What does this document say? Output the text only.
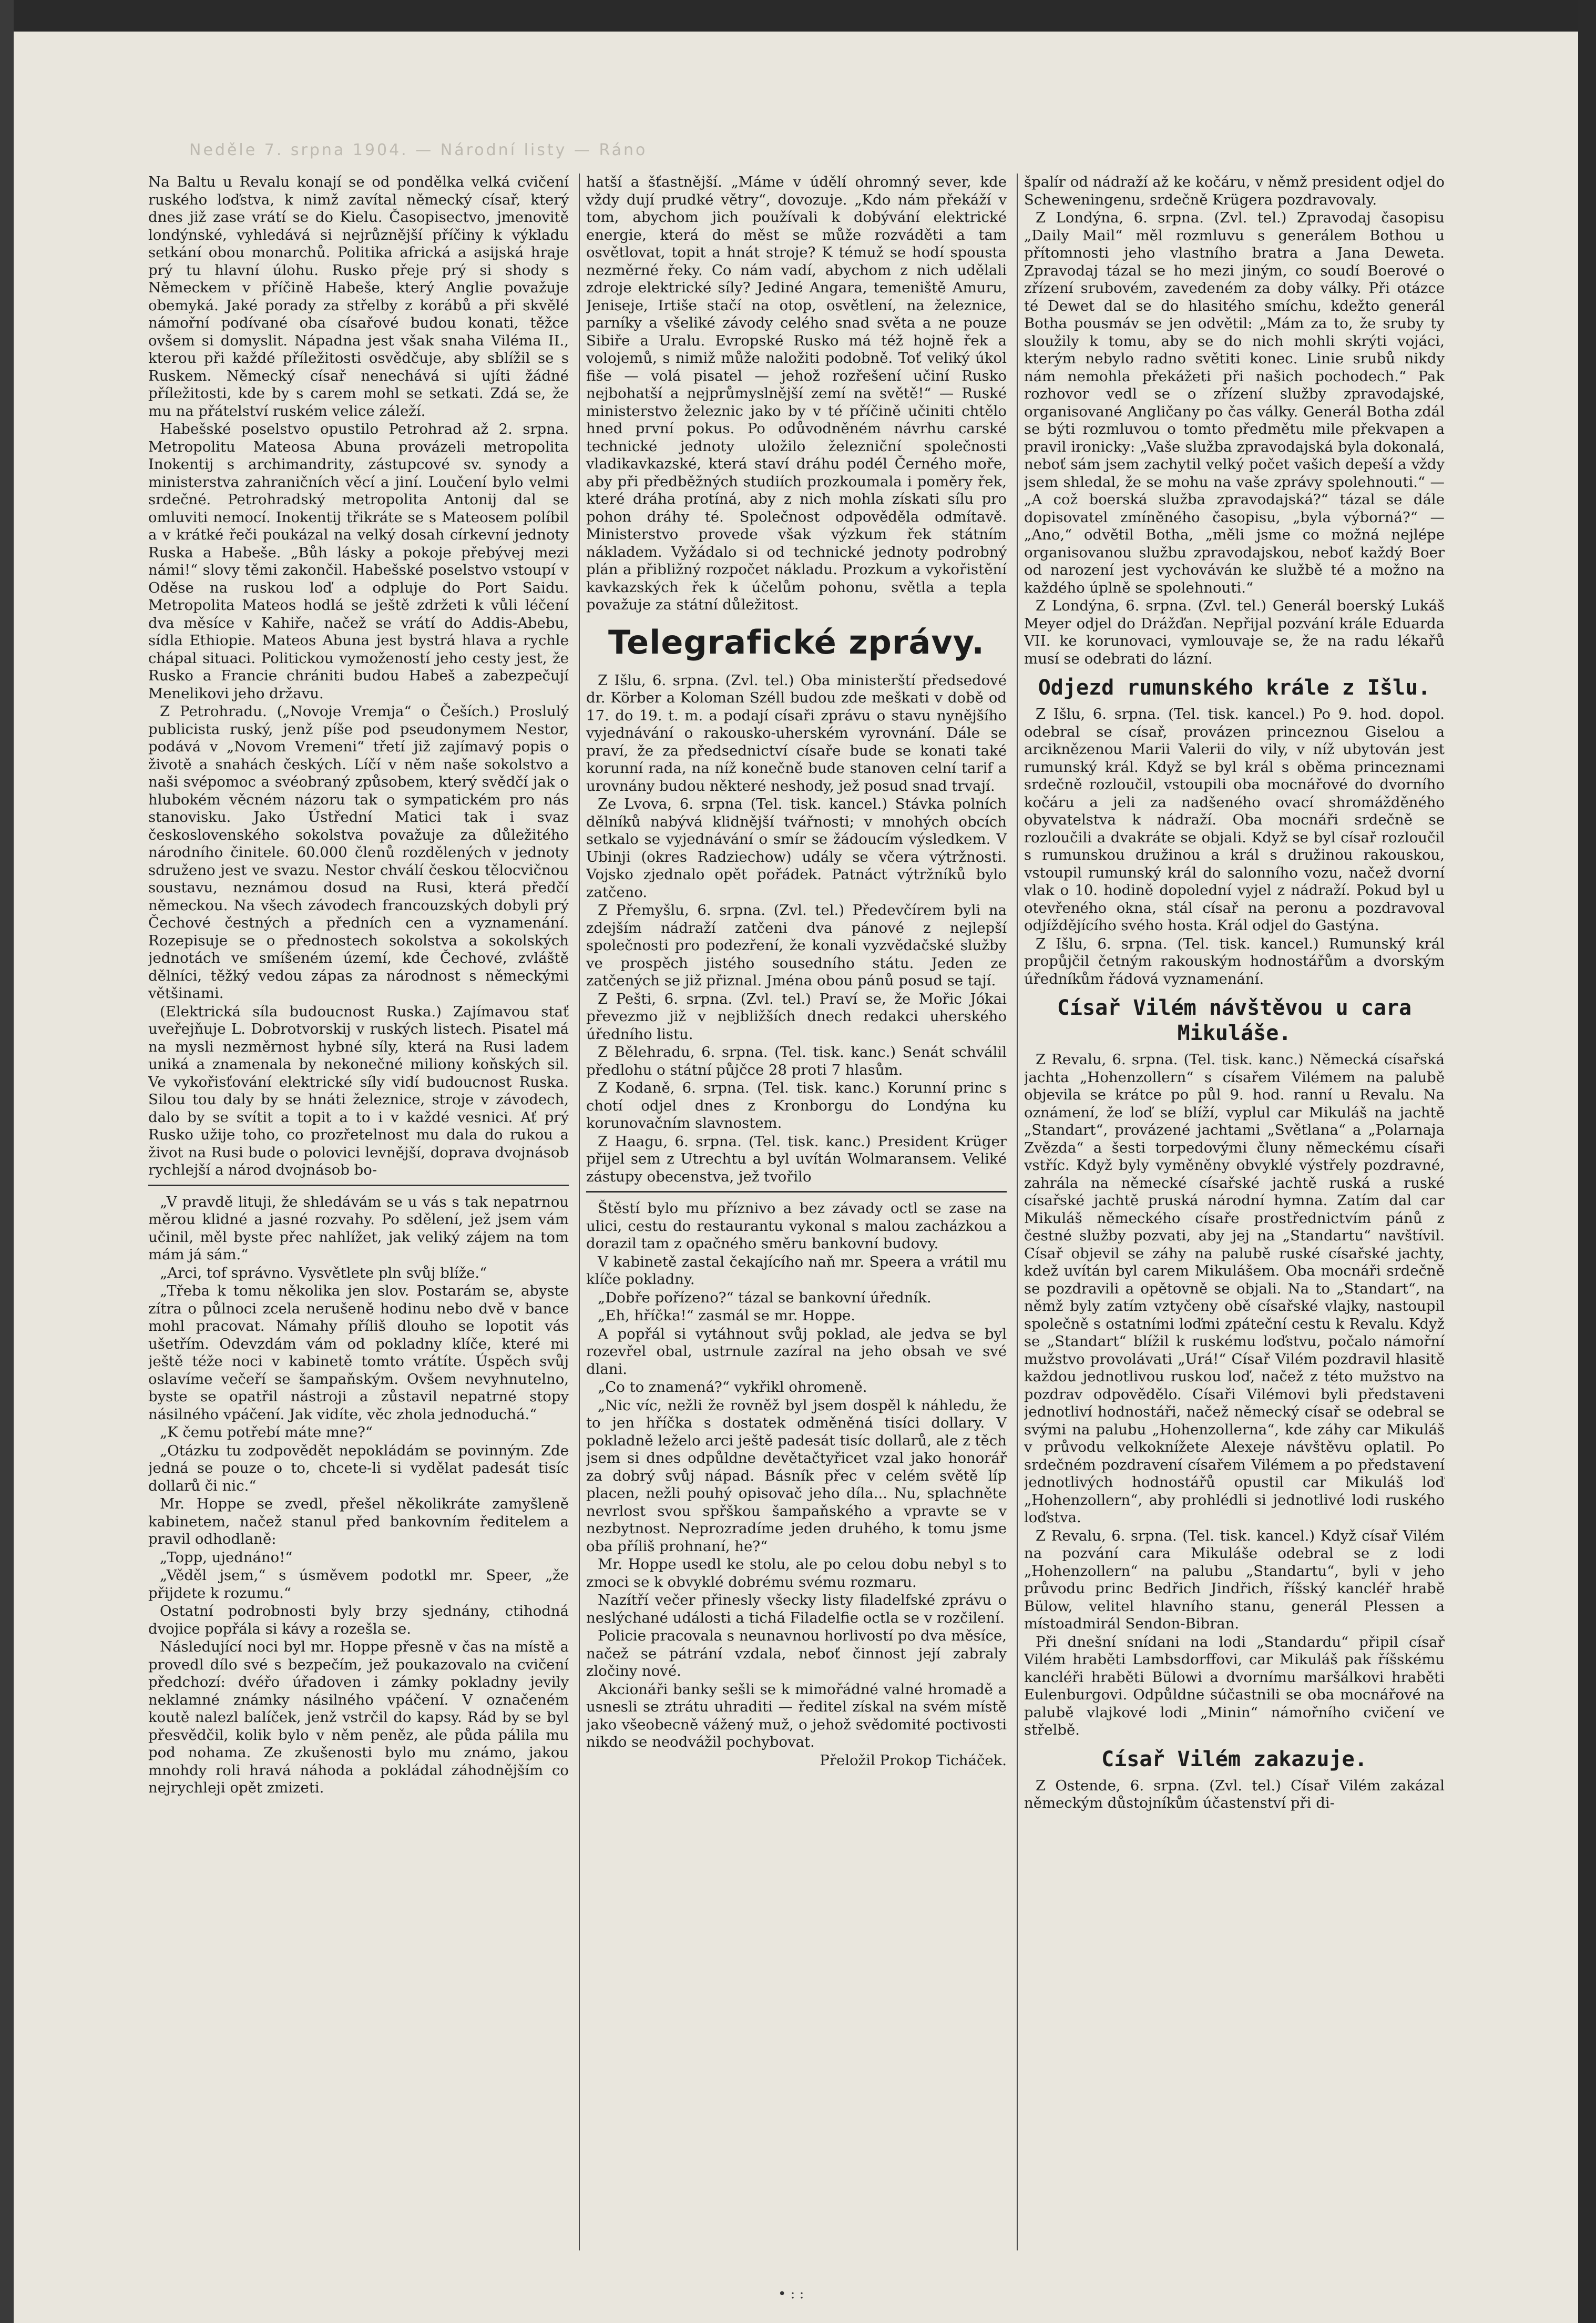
Neděle 7. srpna 1904. — Národní listy — Ráno

Na Baltu u Revalu konají se od pondělka velká cvičení ruského loďstva, k nimž zavítal německý císař, který dnes již zase vrátí se do Kielu. Časopisectvo, jmenovitě londýnské, vyhledává si nejrůznější příčiny k výkladu setkání obou monarchů. Politika africká a asijská hraje prý tu hlavní úlohu. Rusko přeje prý si shody s Německem v příčině Habeše, který Anglie považuje obemyká. Jaké porady za střelby z korábů a při skvělé námořní podívané oba císařové budou konati, těžce ovšem si domyslit. Nápadna jest však snaha Viléma II., kterou při každé příležitosti osvědčuje, aby sblížil se s Ruskem. Německý císař nenechává si ujíti žádné příležitosti, kde by s carem mohl se setkati. Zdá se, že mu na přátelství ruském velice záleží.

Habešské poselstvo opustilo Petrohrad až 2. srpna. Metropolitu Mateosa Abuna provázeli metropolita Inokentij s archimandrity, zástupcové sv. synody a ministerstva zahraničních věcí a jiní. Loučení bylo velmi srdečné. Petrohradský metropolita Antonij dal se omluviti nemocí. Inokentij třikráte se s Mateosem políbil a v krátké řeči poukázal na velký dosah církevní jednoty Ruska a Habeše. „Bůh lásky a pokoje přebývej mezi námi!“ slovy těmi zakončil. Habešské poselstvo vstoupí v Oděse na ruskou loď a odpluje do Port Saidu. Metropolita Mateos hodlá se ještě zdržeti k vůli léčení dva měsíce v Kahiře, načež se vrátí do Addis-Abebu, sídla Ethiopie. Mateos Abuna jest bystrá hlava a rychle chápal situaci. Politickou vymožeností jeho cesty jest, že Rusko a Francie chrániti budou Habeš a zabezpečují Menelikovi jeho državu.

Z Petrohradu. („Novoje Vremja“ o Češích.) Proslulý publicista ruský, jenž píše pod pseudonymem Nestor, podává v „Novom Vremeni“ třetí již zajímavý popis o životě a snahách českých. Líčí v něm naše sokolstvo a naši svépomoc a svéobraný způsobem, který svědčí jak o hlubokém věcném názoru tak o sympatickém pro nás stanovisku. Jako Ústřední Matici tak i svaz československého sokolstva považuje za důležitého národního činitele. 60.000 členů rozdělených v jednoty sdruženo jest ve svazu. Nestor chválí českou tělocvičnou soustavu, neznámou dosud na Rusi, která předčí německou. Na všech závodech francouzských dobyli prý Čechové čestných a předních cen a vyznamenání. Rozepisuje se o přednostech sokolstva a sokolských jednotách ve smíšeném území, kde Čechové, zvláště dělníci, těžký vedou zápas za národnost s německými většinami.

(Elektrická síla budoucnost Ruska.) Zajímavou stať uveřejňuje L. Dobrotvorskij v ruských listech. Pisatel má na mysli nezměrnost hybné síly, která na Rusi ladem uniká a znamenala by nekonečné miliony koňských sil. Ve vykořisťování elektrické síly vidí budoucnost Ruska. Silou tou daly by se hnáti železnice, stroje v závodech, dalo by se svítit a topit a to i v každé vesnici. Ať prý Rusko užije toho, co prozřetelnost mu dala do rukou a život na Rusi bude o polovici levnější, doprava dvojnásob rychlejší a národ dvojnásob bo-

„V pravdě lituji, že shledávám se u vás s tak nepatrnou měrou klidné a jasné rozvahy. Po sdělení, jež jsem vám učinil, měl byste přec nahlížet, jak veliký zájem na tom mám já sám.“

„Arci, tof správno. Vysvětlete pln svůj blíže.“

„Třeba k tomu několika jen slov. Postarám se, abyste zítra o půlnoci zcela nerušeně hodinu nebo dvě v bance mohl pracovat. Námahy příliš dlouho se lopotit vás ušetřím. Odevzdám vám od pokladny klíče, které mi ještě téže noci v kabinetě tomto vrátíte. Úspěch svůj oslavíme večeří se šampaňským. Ovšem nevyhnutelno, byste se opatřil nástroji a zůstavil nepatrné stopy násilného vpáčení. Jak vidíte, věc zhola jednoduchá.“

„K čemu potřebí máte mne?“

„Otázku tu zodpovědět nepokládám se povinným. Zde jedná se pouze o to, chcete-li si vydělat padesát tisíc dollarů či nic.“

Mr. Hoppe se zvedl, přešel několikráte zamyšleně kabinetem, načež stanul před bankovním ředitelem a pravil odhodlaně:

„Topp, ujednáno!“

„Věděl jsem,“ s úsměvem podotkl mr. Speer, „že přijdete k rozumu.“

Ostatní podrobnosti byly brzy sjednány, ctihodná dvojice popřála si kávy a rozešla se.

Následující noci byl mr. Hoppe přesně v čas na místě a provedl dílo své s bezpečím, jež poukazovalo na cvičení předchozí: dvéřo úřadoven i zámky pokladny jevily neklamné známky násilného vpáčení. V označeném koutě nalezl balíček, jenž vstrčil do kapsy. Rád by se byl přesvědčil, kolik bylo v něm peněz, ale půda pálila mu pod nohama. Ze zkušenosti bylo mu známo, jakou mnohdy roli hravá náhoda a pokládal záhodnějším co nejrychleji opět zmizeti.

hatší a šťastnější. „Máme v údělí ohromný sever, kde vždy dují prudké větry“, dovozuje. „Kdo nám překáží v tom, abychom jich používali k dobývání elektrické energie, která do měst se může rozváděti a tam osvětlovat, topit a hnát stroje? K témuž se hodí spousta nezměrné řeky. Co nám vadí, abychom z nich udělali zdroje elektrické síly? Jediné Angara, temeniště Amuru, Jeniseje, Irtiše stačí na otop, osvětlení, na železnice, parníky a všeliké závody celého snad světa a ne pouze Sibiře a Uralu. Evropské Rusko má též hojně řek a volojemů, s nimiž může naložiti podobně. Toť veliký úkol fiše — volá pisatel — jehož rozřešení učiní Rusko nejbohatší a nejprůmyslnější zemí na světě!“ — Ruské ministerstvo železnic jako by v té příčině učiniti chtělo hned první pokus. Po odůvodněném návrhu carské technické jednoty uložilo železniční společnosti vladikavkazské, která staví dráhu podél Černého moře, aby při předběžných studiích prozkoumala i poměry řek, které dráha protíná, aby z nich mohla získati sílu pro pohon dráhy té. Společnost odpověděla odmítavě. Ministerstvo provede však výzkum řek státním nákladem. Vyžádalo si od technické jednoty podrobný plán a přibližný rozpočet nákladu. Prozkum a vykořistění kavkazských řek k účelům pohonu, světla a tepla považuje za státní důležitost.

Telegrafické zprávy.

Z Išlu, 6. srpna. (Zvl. tel.) Oba ministerští předsedové dr. Körber a Koloman Széll budou zde meškati v době od 17. do 19. t. m. a podají císaři zprávu o stavu nynějšího vyjednávání o rakousko-uherském vyrovnání. Dále se praví, že za předsednictví císaře bude se konati také korunní rada, na níž konečně bude stanoven celní tarif a urovnány budou některé neshody, jež posud snad trvají.

Ze Lvova, 6. srpna (Tel. tisk. kancel.) Stávka polních dělníků nabývá klidnější tvářnosti; v mnohých obcích setkalo se vyjednávání o smír se žádoucím výsledkem. V Ubinji (okres Radziechow) udály se včera výtržnosti. Vojsko zjednalo opět pořádek. Patnáct výtržníků bylo zatčeno.

Z Přemyšlu, 6. srpna. (Zvl. tel.) Předevčírem byli na zdejším nádraží zatčeni dva pánové z nejlepší společnosti pro podezření, že konali vyzvědačské služby ve prospěch jistého sousedního státu. Jeden ze zatčených se již přiznal. Jména obou pánů posud se tají.

Z Pešti, 6. srpna. (Zvl. tel.) Praví se, že Mořic Jókai převezmo již v nejbližších dnech redakci uherského úředního listu.

Z Bělehradu, 6. srpna. (Tel. tisk. kanc.) Senát schválil předlohu o státní půjčce 28 proti 7 hlasům.

Z Kodaně, 6. srpna. (Tel. tisk. kanc.) Korunní princ s chotí odjel dnes z Kronborgu do Londýna ku korunovačním slavnostem.

Z Haagu, 6. srpna. (Tel. tisk. kanc.) President Krüger přijel sem z Utrechtu a byl uvítán Wolmaransem. Veliké zástupy obecenstva, jež tvořilo

Štěstí bylo mu příznivo a bez závady octl se zase na ulici, cestu do restaurantu vykonal s malou zacházkou a dorazil tam z opačného směru bankovní budovy.

V kabinetě zastal čekajícího naň mr. Speera a vrátil mu klíče pokladny.

„Dobře pořízeno?“ tázal se bankovní úředník.

„Eh, hříčka!“ zasmál se mr. Hoppe.

A popřál si vytáhnout svůj poklad, ale jedva se byl rozevřel obal, ustrnule zazíral na jeho obsah ve své dlani.

„Co to znamená?“ vykřikl ohromeně.

„Nic víc, nežli že rovněž byl jsem dospěl k náhledu, že to jen hříčka s dostatek odměněná tisíci dollary. V pokladně leželo arci ještě padesát tisíc dollarů, ale z těch jsem si dnes odpůldne devětačtyřicet vzal jako honorář za dobrý svůj nápad. Básník přec v celém světě líp placen, nežli pouhý opisovač jeho díla... Nu, splachněte nevrlost svou spřškou šampaňského a vpravte se v nezbytnost. Neprozradíme jeden druhého, k tomu jsme oba příliš prohnaní, he?“

Mr. Hoppe usedl ke stolu, ale po celou dobu nebyl s to zmoci se k obvyklé dobrému svému rozmaru.

Nazítří večer přinesly všecky listy filadelfské zprávu o neslýchané události a tichá Filadelfie octla se v rozčilení.

Policie pracovala s neunavnou horlivostí po dva měsíce, načež se pátrání vzdala, neboť činnost její zabraly zločiny nové.

Akcionáři banky sešli se k mimořádné valné hromadě a usnesli se ztrátu uhraditi — ředitel získal na svém místě jako všeobecně vážený muž, o jehož svědomité poctivosti nikdo se neodvážil pochybovat.

Přeložil Prokop Ticháček.

špalír od nádraží až ke kočáru, v němž president odjel do Scheweningenu, srdečně Krügera pozdravovaly.

Z Londýna, 6. srpna. (Zvl. tel.) Zpravodaj časopisu „Daily Mail“ měl rozmluvu s generálem Bothou u přítomnosti jeho vlastního bratra a Jana Deweta. Zpravodaj tázal se ho mezi jiným, co soudí Boerové o zřízení srubovém, zavedeném za doby války. Při otázce té Dewet dal se do hlasitého smíchu, kdežto generál Botha pousmáv se jen odvětil: „Mám za to, že sruby ty sloužily k tomu, aby se do nich mohli skrýti vojáci, kterým nebylo radno světiti konec. Linie srubů nikdy nám nemohla překážeti při našich pochodech.“ Pak rozhovor vedl se o zřízení služby zpravodajské, organisované Angličany po čas války. Generál Botha zdál se býti rozmluvou o tomto předmětu mile překvapen a pravil ironicky: „Vaše služba zpravodajská byla dokonalá, neboť sám jsem zachytil velký počet vašich depeší a vždy jsem shledal, že se mohu na vaše zprávy spolehnouti.“ — „A což boerská služba zpravodajská?“ tázal se dále dopisovatel zmíněného časopisu, „byla výborná?“ — „Ano,“ odvětil Botha, „měli jsme co možná nejlépe organisovanou službu zpravodajskou, neboť každý Boer od narození jest vychováván ke službě té a možno na každého úplně se spolehnouti.“

Z Londýna, 6. srpna. (Zvl. tel.) Generál boerský Lukáš Meyer odjel do Drážďan. Nepřijal pozvání krále Eduarda VII. ke korunovaci, vymlouvaje se, že na radu lékařů musí se odebrati do lázní.

Odjezd rumunského krále z Išlu.

Z Išlu, 6. srpna. (Tel. tisk. kancel.) Po 9. hod. dopol. odebral se císař, provázen princeznou Giselou a arciknězenou Marii Valerii do vily, v níž ubytován jest rumunský král. Když se byl král s oběma princeznami srdečně rozloučil, vstoupili oba mocnářové do dvorního kočáru a jeli za nadšeného ovací shromážděného obyvatelstva k nádraží. Oba mocnáři srdečně se rozloučili a dvakráte se objali. Když se byl císař rozloučil s rumunskou družinou a král s družinou rakouskou, vstoupil rumunský král do salonního vozu, načež dvorní vlak o 10. hodině dopolední vyjel z nádraží. Pokud byl u otevřeného okna, stál císař na peronu a pozdravoval odjíždějícího svého hosta. Král odjel do Gastýna.

Z Išlu, 6. srpna. (Tel. tisk. kancel.) Rumunský král propůjčil četným rakouským hodnostářům a dvorským úředníkům řádová vyznamenání.

Císař Vilém návštěvou u cara Mikuláše.

Z Revalu, 6. srpna. (Tel. tisk. kanc.) Německá císařská jachta „Hohenzollern“ s císařem Vilémem na palubě objevila se krátce po půl 9. hod. ranní u Revalu. Na oznámení, že loď se blíží, vyplul car Mikuláš na jachtě „Standart“, provázené jachtami „Světlana“ a „Polarnaja Zvězda“ a šesti torpedovými čluny německému císaři vstříc. Když byly vyměněny obvyklé výstřely pozdravné, zahrála na německé císařské jachtě ruská a ruské císařské jachtě pruská národní hymna. Zatím dal car Mikuláš německého císaře prostřednictvím pánů z čestné služby pozvati, aby jej na „Standartu“ navštívil. Císař objevil se záhy na palubě ruské císařské jachty, kdež uvítán byl carem Mikulášem. Oba mocnáři srdečně se pozdravili a opětovně se objali. Na to „Standart“, na němž byly zatím vztyčeny obě císařské vlajky, nastoupil společně s ostatními loďmi zpáteční cestu k Revalu. Když se „Standart“ blížil k ruskému loďstvu, počalo námořní mužstvo provolávati „Urá!“ Císař Vilém pozdravil hlasitě každou jednotlivou ruskou loď, načež z této mužstvo na pozdrav odpovědělo. Císaři Vilémovi byli představeni jednotliví hodnostáři, načež německý císař se odebral se svými na palubu „Hohenzollerna“, kde záhy car Mikuláš v průvodu velkoknížete Alexeje návštěvu oplatil. Po srdečném pozdravení císařem Vilémem a po představení jednotlivých hodnostářů opustil car Mikuláš loď „Hohenzollern“, aby prohlédli si jednotlivé lodi ruského loďstva.

Z Revalu, 6. srpna. (Tel. tisk. kancel.) Když císař Vilém na pozvání cara Mikuláše odebral se z lodi „Hohenzollern“ na palubu „Standartu“, byli v jeho průvodu princ Bedřich Jindřich, říšský kancléř hrabě Bülow, velitel hlavního stanu, generál Plessen a místoadmirál Sendon-Bibran.

Při dnešní snídani na lodi „Standardu“ připil císař Vilém hraběti Lambsdorffovi, car Mikuláš pak říšskému kancléři hraběti Bülowi a dvornímu maršálkovi hraběti Eulenburgovi. Odpůldne súčastnili se oba mocnářové na palubě vlajkové lodi „Minin“ námořního cvičení ve střelbě.

Císař Vilém zakazuje.

Z Ostende, 6. srpna. (Zvl. tel.) Císař Vilém zakázal německým důstojníkům účastenství při di-

• : :
